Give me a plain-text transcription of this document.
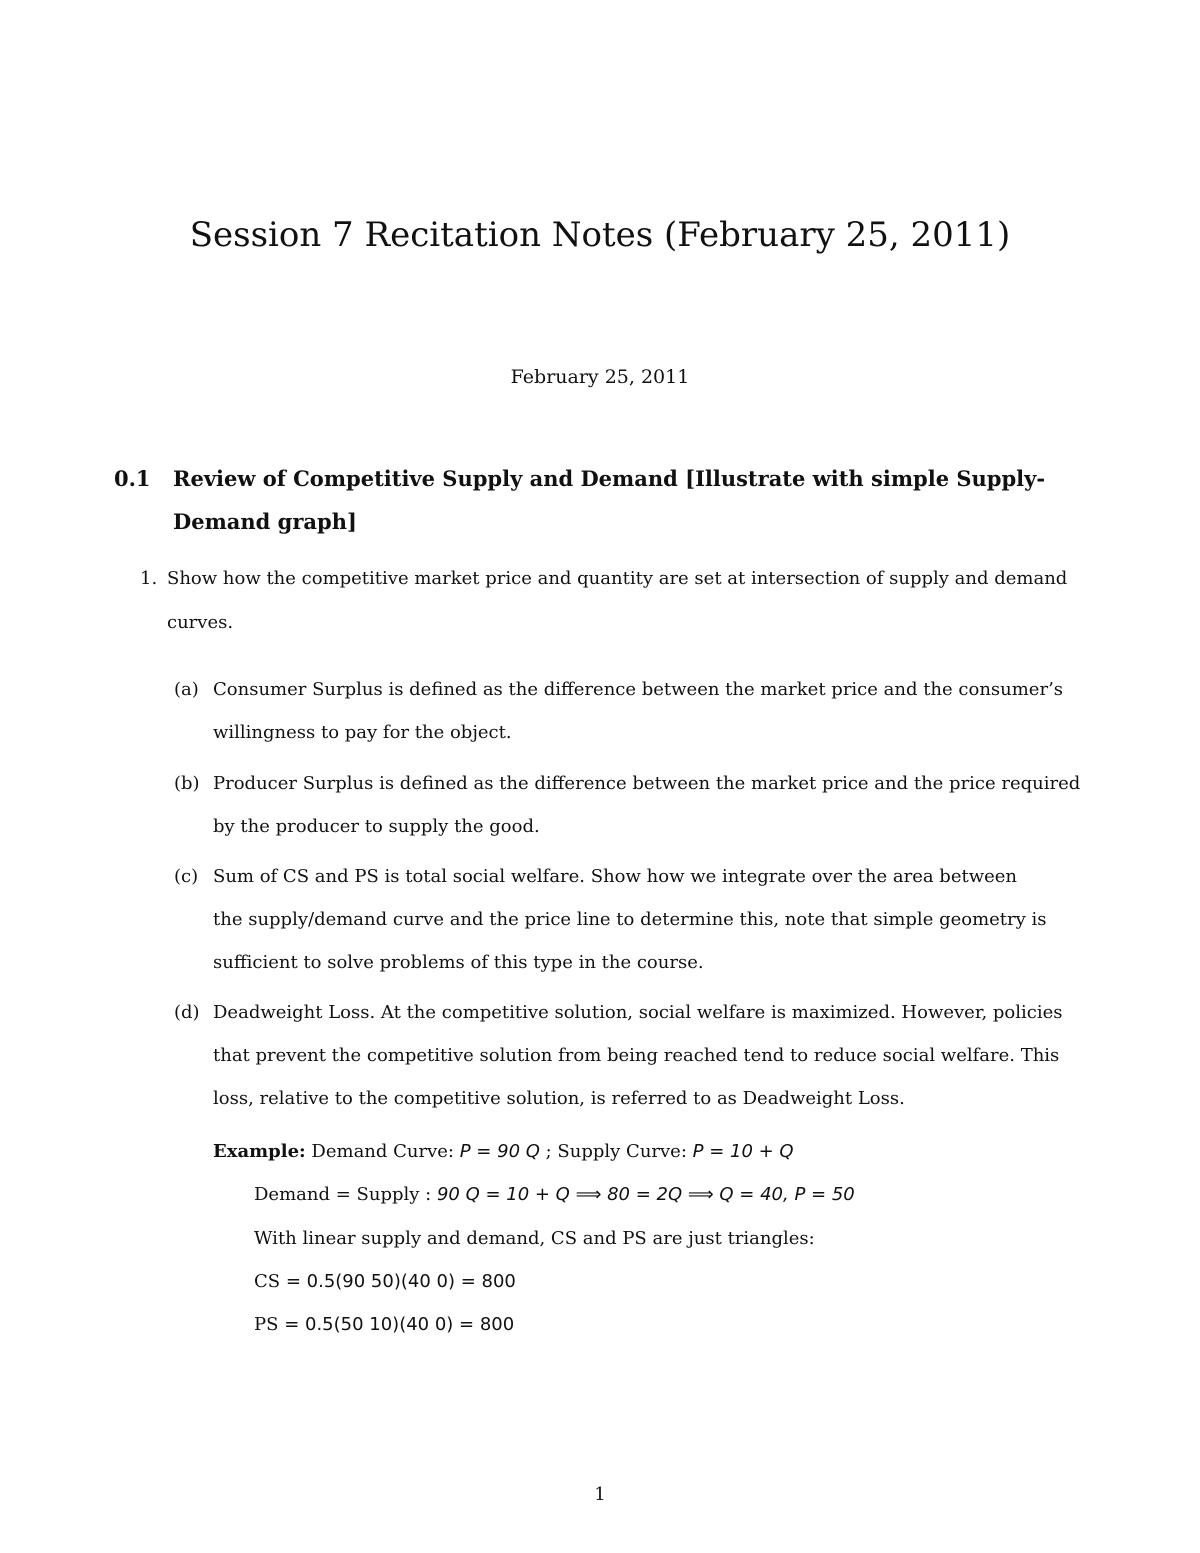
Session 7 Recitation Notes (February 25, 2011)
February 25, 2011
0.1 Review of Competitive Supply and Demand [Illustrate with simple Supply-
Demand graph]
1. Show how the competitive market price and quantity are set at intersection of supply and demand
curves.
(a) Consumer Surplus is defined as the difference between the market price and the consumer’s
willingness to pay for the object.
(b) Producer Surplus is defined as the difference between the market price and the price required
by the producer to supply the good.
(c) Sum of CS and PS is total social welfare. Show how we integrate over the area between
the supply/demand curve and the price line to determine this, note that simple geometry is
sufficient to solve problems of this type in the course.
(d) Deadweight Loss. At the competitive solution, social welfare is maximized. However, policies
that prevent the competitive solution from being reached tend to reduce social welfare. This
loss, relative to the competitive solution, is referred to as Deadweight Loss.
Example: Demand Curve: P = 90 Q ; Supply Curve: P = 10 + Q
Demand = Supply : 90 Q = 10 + Q ⟹ 80 = 2Q ⟹ Q = 40, P = 50
With linear supply and demand, CS and PS are just triangles:
CS = 0.5(90 50)(40 0) = 800
PS = 0.5(50 10)(40 0) = 800
1
